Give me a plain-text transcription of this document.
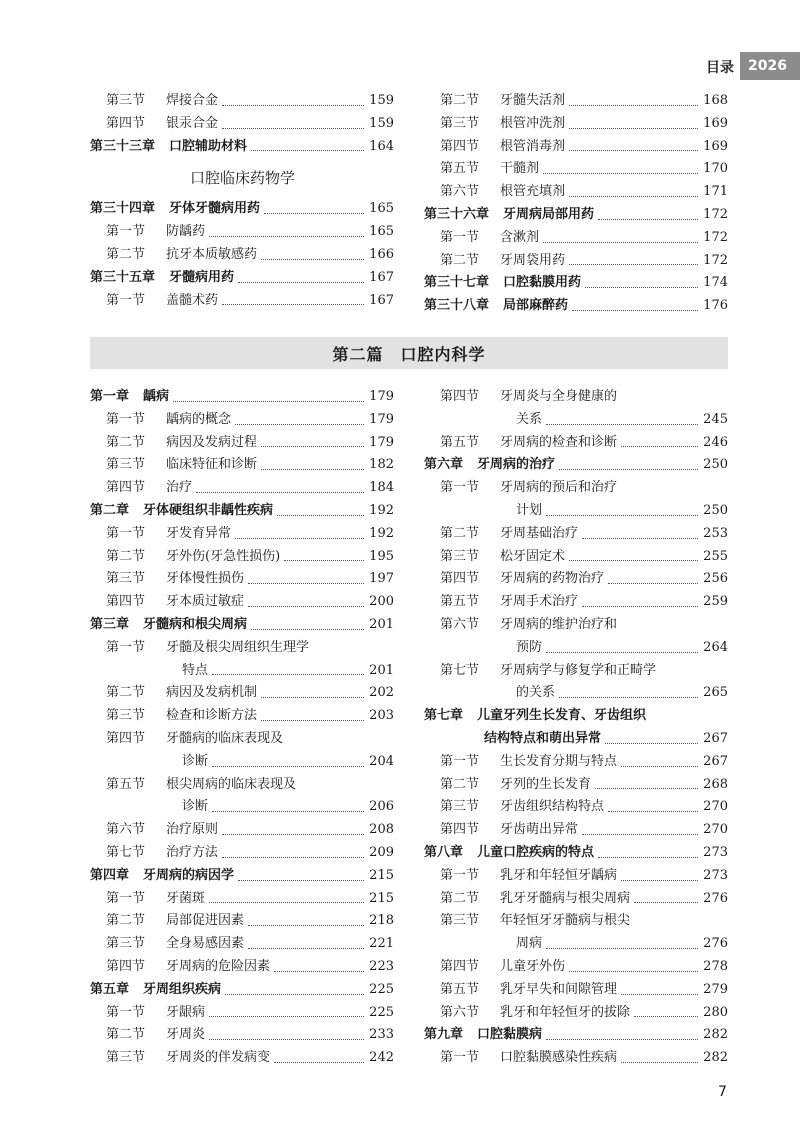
目录	2026
第三节	焊接合金	159
第四节	银汞合金	159
第三十三章 口腔辅助材料	164
口腔临床药物学
第三十四章 牙体牙髓病用药	165
第一节	防龋药	165
第二节	抗牙本质敏感药	166
第三十五章 牙髓病用药	167
第一节	盖髓术药	167
第二节	牙髓失活剂	168
第三节	根管冲洗剂	169
第四节	根管消毒剂	169
第五节	干髓剂	170
第六节	根管充填剂	171
第三十六章 牙周病局部用药	172
第一节	含漱剂	172
第二节	牙周袋用药	172
第三十七章 口腔黏膜用药	174
第三十八章 局部麻醉药	176
第二篇　口腔内科学
第一章 龋病	179
第一节	龋病的概念	179
第二节	病因及发病过程	179
第三节	临床特征和诊断	182
第四节	治疗	184
第二章 牙体硬组织非龋性疾病	192
第一节	牙发育异常	192
第二节	牙外伤(牙急性损伤)	195
第三节	牙体慢性损伤	197
第四节	牙本质过敏症	200
第三章 牙髓病和根尖周病	201
第一节	牙髓及根尖周组织生理学
特点	201
第二节	病因及发病机制	202
第三节	检查和诊断方法	203
第四节	牙髓病的临床表现及
诊断	204
第五节	根尖周病的临床表现及
诊断	206
第六节	治疗原则	208
第七节	治疗方法	209
第四章 牙周病的病因学	215
第一节	牙菌斑	215
第二节	局部促进因素	218
第三节	全身易感因素	221
第四节	牙周病的危险因素	223
第五章 牙周组织疾病	225
第一节	牙龈病	225
第二节	牙周炎	233
第三节	牙周炎的伴发病变	242
第四节	牙周炎与全身健康的
关系	245
第五节	牙周病的检查和诊断	246
第六章 牙周病的治疗	250
第一节	牙周病的预后和治疗
计划	250
第二节	牙周基础治疗	253
第三节	松牙固定术	255
第四节	牙周病的药物治疗	256
第五节	牙周手术治疗	259
第六节	牙周病的维护治疗和
预防	264
第七节	牙周病学与修复学和正畸学
的关系	265
第七章 儿童牙列生长发育、牙齿组织
结构特点和萌出异常	267
第一节	生长发育分期与特点	267
第二节	牙列的生长发育	268
第三节	牙齿组织结构特点	270
第四节	牙齿萌出异常	270
第八章 儿童口腔疾病的特点	273
第一节	乳牙和年轻恒牙龋病	273
第二节	乳牙牙髓病与根尖周病	276
第三节	年轻恒牙牙髓病与根尖
周病	276
第四节	儿童牙外伤	278
第五节	乳牙早失和间隙管理	279
第六节	乳牙和年轻恒牙的拔除	280
第九章 口腔黏膜病	282
第一节	口腔黏膜感染性疾病	282
7
